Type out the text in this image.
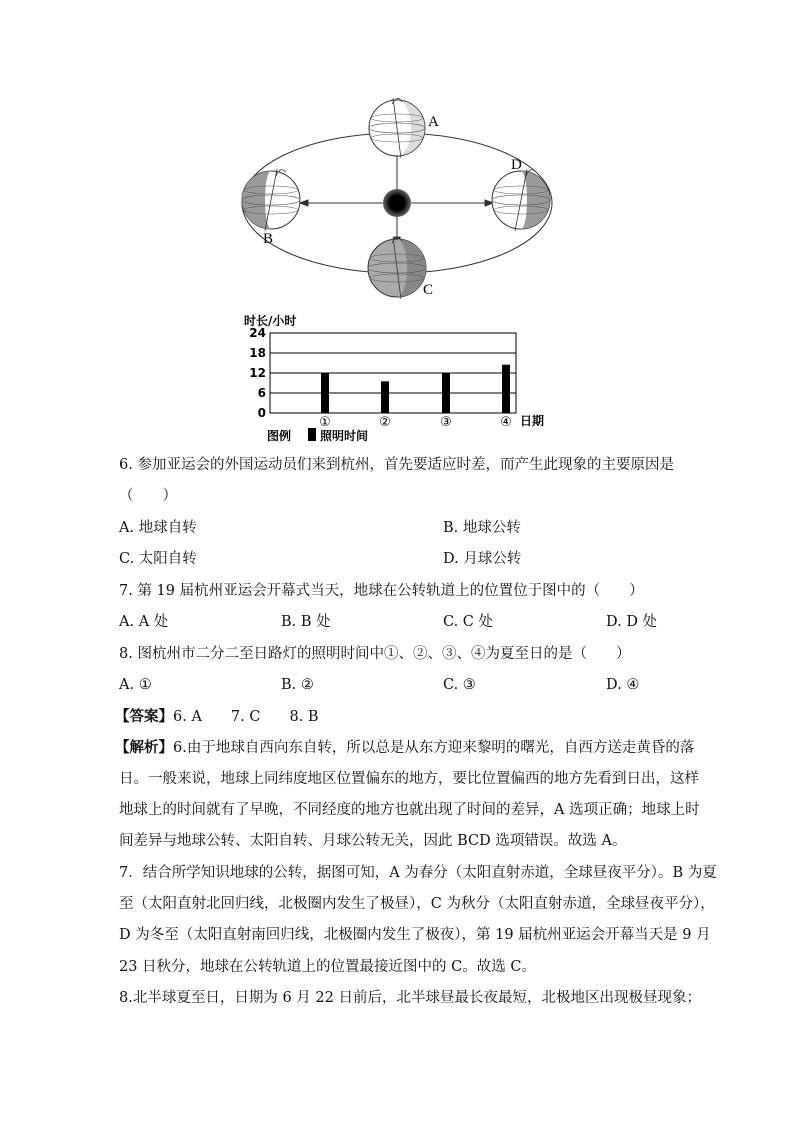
A
B
C
D
时长/小时
0
6
12
18
24
①	②	③	④ 日期
图例 照明时间
6. 参加亚运会的外国运动员们来到杭州，首先要适应时差，而产生此现象的主要原因是
（　　）
A. 地球自转	B. 地球公转
C. 太阳自转	D. 月球公转
7. 第 19 届杭州亚运会开幕式当天，地球在公转轨道上的位置位于图中的（　　）
A. A 处	B. B 处	C. C 处	D. D 处
8. 图杭州市二分二至日路灯的照明时间中①、②、③、④为夏至日的是（　　）
A. ①	B. ②	C. ③	D. ④
【答案】6. A　　7. C　　8. B
【解析】6.由于地球自西向东自转，所以总是从东方迎来黎明的曙光，自西方送走黄昏的落
日。一般来说，地球上同纬度地区位置偏东的地方，要比位置偏西的地方先看到日出，这样
地球上的时间就有了早晚，不同经度的地方也就出现了时间的差异，A 选项正确；地球上时
间差异与地球公转、太阳自转、月球公转无关，因此 BCD 选项错误。故选 A。
7．结合所学知识地球的公转，据图可知，A 为春分（太阳直射赤道，全球昼夜平分）。B 为夏
至（太阳直射北回归线，北极圈内发生了极昼），C 为秋分（太阳直射赤道，全球昼夜平分），
D 为冬至（太阳直射南回归线，北极圈内发生了极夜），第 19 届杭州亚运会开幕当天是 9 月
23 日秋分，地球在公转轨道上的位置最接近图中的 C。故选 C。
8.北半球夏至日，日期为 6 月 22 日前后，北半球昼最长夜最短，北极地区出现极昼现象；
